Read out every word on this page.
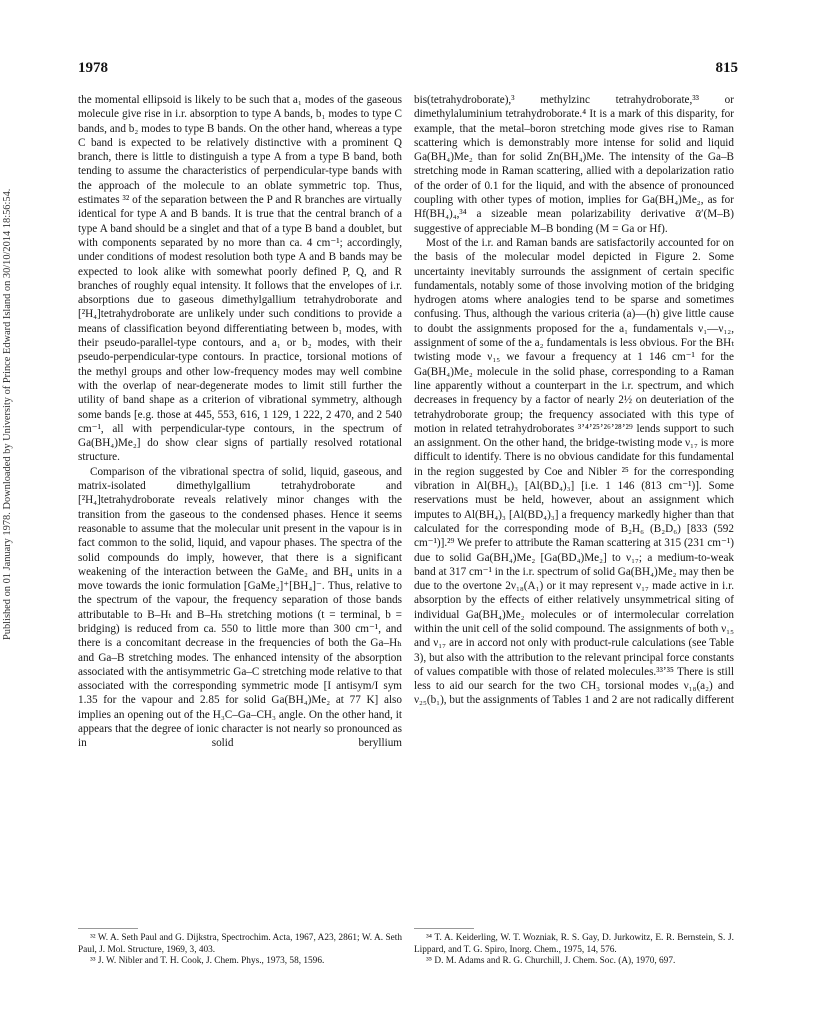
1978	815
Published on 01 January 1978. Downloaded by University of Prince Edward Island on 30/10/2014 18:56:54.

the momental ellipsoid is likely to be such that a₁ modes of the gaseous molecule give rise in i.r. absorption to type A bands, b₁ modes to type C bands, and b₂ modes to type B bands. On the other hand, whereas a type C band is expected to be relatively distinctive with a prominent Q branch, there is little to distinguish a type A from a type B band, both tending to assume the characteristics of perpendicular-type bands with the approach of the molecule to an oblate symmetric top. Thus, estimates ³² of the separation between the P and R branches are virtually identical for type A and B bands. It is true that the central branch of a type A band should be a singlet and that of a type B band a doublet, but with components separated by no more than ca. 4 cm⁻¹; accordingly, under conditions of modest resolution both type A and B bands may be expected to look alike with somewhat poorly defined P, Q, and R branches of roughly equal intensity. It follows that the envelopes of i.r. absorptions due to gaseous dimethylgallium tetrahydroborate and [²H₄]tetrahydroborate are unlikely under such conditions to provide a means of classification beyond differentiating between b₁ modes, with their pseudo-parallel-type contours, and a₁ or b₂ modes, with their pseudo-perpendicular-type contours. In practice, torsional motions of the methyl groups and other low-frequency modes may well combine with the overlap of near-degenerate modes to limit still further the utility of band shape as a criterion of vibrational symmetry, although some bands [e.g. those at 445, 553, 616, 1 129, 1 222, 2 470, and 2 540 cm⁻¹, all with perpendicular-type contours, in the spectrum of Ga(BH₄)Me₂] do show clear signs of partially resolved rotational structure.

Comparison of the vibrational spectra of solid, liquid, gaseous, and matrix-isolated dimethylgallium tetrahydroborate and [²H₄]tetrahydroborate reveals relatively minor changes with the transition from the gaseous to the condensed phases. Hence it seems reasonable to assume that the molecular unit present in the vapour is in fact common to the solid, liquid, and vapour phases. The spectra of the solid compounds do imply, however, that there is a significant weakening of the interaction between the GaMe₂ and BH₄ units in a move towards the ionic formulation [GaMe₂]⁺[BH₄]⁻. Thus, relative to the spectrum of the vapour, the frequency separation of those bands attributable to B–Hₜ and B–Hₕ stretching motions (t = terminal, b = bridging) is reduced from ca. 550 to little more than 300 cm⁻¹, and there is a concomitant decrease in the frequencies of both the Ga–Hₕ and Ga–B stretching modes. The enhanced intensity of the absorption associated with the antisymmetric Ga–C stretching mode relative to that associated with the corresponding symmetric mode [I antisym/I sym 1.35 for the vapour and 2.85 for solid Ga(BH₄)Me₂ at 77 K] also implies an opening out of the H₃C–Ga–CH₃ angle. On the other hand, it appears that the degree of ionic character is not nearly so pronounced as in solid beryllium

bis(tetrahydroborate),³ methylzinc tetrahydroborate,³³ or dimethylaluminium tetrahydroborate.⁴ It is a mark of this disparity, for example, that the metal–boron stretching mode gives rise to Raman scattering which is demonstrably more intense for solid and liquid Ga(BH₄)Me₂ than for solid Zn(BH₄)Me. The intensity of the Ga–B stretching mode in Raman scattering, allied with a depolarization ratio of the order of 0.1 for the liquid, and with the absence of pronounced coupling with other types of motion, implies for Ga(BH₄)Me₂, as for Hf(BH₄)₄,³⁴ a sizeable mean polarizability derivative ᾱ′(M–B) suggestive of appreciable M–B bonding (M = Ga or Hf).

Most of the i.r. and Raman bands are satisfactorily accounted for on the basis of the molecular model depicted in Figure 2. Some uncertainty inevitably surrounds the assignment of certain specific fundamentals, notably some of those involving motion of the bridging hydrogen atoms where analogies tend to be sparse and sometimes confusing. Thus, although the various criteria (a)—(h) give little cause to doubt the assignments proposed for the a₁ fundamentals ν₁—ν₁₂, assignment of some of the a₂ fundamentals is less obvious. For the BHₜ twisting mode ν₁₅ we favour a frequency at 1 146 cm⁻¹ for the Ga(BH₄)Me₂ molecule in the solid phase, corresponding to a Raman line apparently without a counterpart in the i.r. spectrum, and which decreases in frequency by a factor of nearly 2½ on deuteriation of the tetrahydroborate group; the frequency associated with this type of motion in related tetrahydroborates ³ʼ⁴ʼ²⁵ʼ²⁶ʼ²⁸ʼ²⁹ lends support to such an assignment. On the other hand, the bridge-twisting mode ν₁₇ is more difficult to identify. There is no obvious candidate for this fundamental in the region suggested by Coe and Nibler ²⁵ for the corresponding vibration in Al(BH₄)₃ [Al(BD₄)₃] [i.e. 1 146 (813 cm⁻¹)]. Some reservations must be held, however, about an assignment which imputes to Al(BH₄)₃ [Al(BD₄)₃] a frequency markedly higher than that calculated for the corresponding mode of B₂H₆ (B₂D₆) [833 (592 cm⁻¹)].²⁹ We prefer to attribute the Raman scattering at 315 (231 cm⁻¹) due to solid Ga(BH₄)Me₂ [Ga(BD₄)Me₂] to ν₁₇; a medium-to-weak band at 317 cm⁻¹ in the i.r. spectrum of solid Ga(BH₄)Me₂ may then be due to the overtone 2ν₁₈(A₁) or it may represent ν₁₇ made active in i.r. absorption by the effects of either relatively unsymmetrical siting of individual Ga(BH₄)Me₂ molecules or of intermolecular correlation within the unit cell of the solid compound. The assignments of both ν₁₅ and ν₁₇ are in accord not only with product-rule calculations (see Table 3), but also with the attribution to the relevant principal force constants of values compatible with those of related molecules.³³ʼ³⁵ There is still less to aid our search for the two CH₃ torsional modes ν₁₈(a₂) and ν₂₅(b₁), but the assignments of Tables 1 and 2 are not radically different

³² W. A. Seth Paul and G. Dijkstra, Spectrochim. Acta, 1967, A23, 2861; W. A. Seth Paul, J. Mol. Structure, 1969, 3, 403.

³³ J. W. Nibler and T. H. Cook, J. Chem. Phys., 1973, 58, 1596.

³⁴ T. A. Keiderling, W. T. Wozniak, R. S. Gay, D. Jurkowitz, E. R. Bernstein, S. J. Lippard, and T. G. Spiro, Inorg. Chem., 1975, 14, 576.

³⁵ D. M. Adams and R. G. Churchill, J. Chem. Soc. (A), 1970, 697.
